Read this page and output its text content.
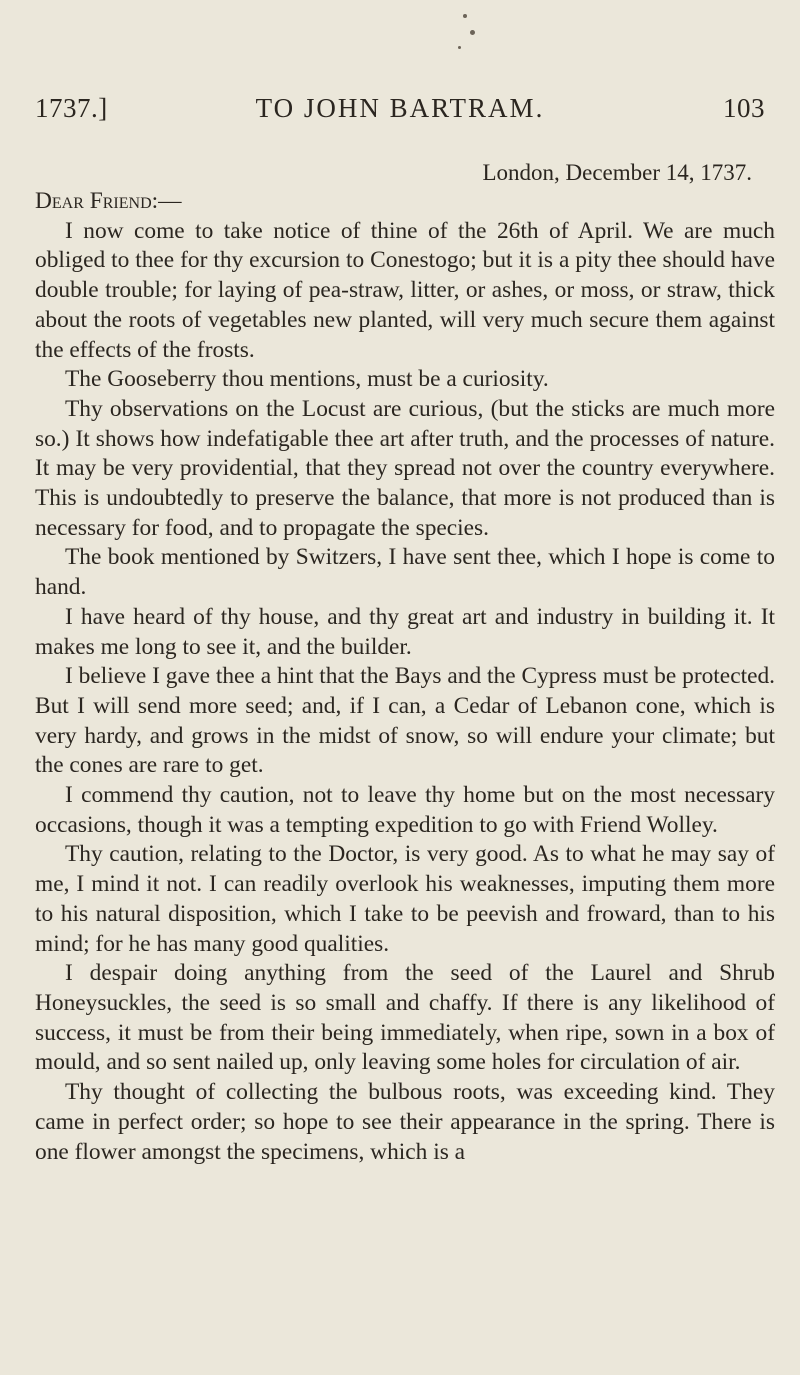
1737.]	TO JOHN BARTRAM.	103
London, December 14, 1737.

Dear Friend:—

I now come to take notice of thine of the 26th of April. We are much obliged to thee for thy excursion to Conestogo; but it is a pity thee should have double trouble; for laying of pea-straw, litter, or ashes, or moss, or straw, thick about the roots of vegetables new planted, will very much secure them against the effects of the frosts.

The Gooseberry thou mentions, must be a curiosity.

Thy observations on the Locust are curious, (but the sticks are much more so.) It shows how indefatigable thee art after truth, and the processes of nature. It may be very providential, that they spread not over the country everywhere. This is undoubtedly to preserve the balance, that more is not produced than is necessary for food, and to propagate the species.

The book mentioned by Switzers, I have sent thee, which I hope is come to hand.

I have heard of thy house, and thy great art and industry in building it. It makes me long to see it, and the builder.

I believe I gave thee a hint that the Bays and the Cypress must be protected. But I will send more seed; and, if I can, a Cedar of Lebanon cone, which is very hardy, and grows in the midst of snow, so will endure your climate; but the cones are rare to get.

I commend thy caution, not to leave thy home but on the most necessary occasions, though it was a tempting expedition to go with Friend Wolley.

Thy caution, relating to the Doctor, is very good. As to what he may say of me, I mind it not. I can readily overlook his weaknesses, imputing them more to his natural disposition, which I take to be peevish and froward, than to his mind; for he has many good qualities.

I despair doing anything from the seed of the Laurel and Shrub Honeysuckles, the seed is so small and chaffy. If there is any likelihood of success, it must be from their being immediately, when ripe, sown in a box of mould, and so sent nailed up, only leaving some holes for circulation of air.

Thy thought of collecting the bulbous roots, was exceeding kind. They came in perfect order; so hope to see their appearance in the spring. There is one flower amongst the specimens, which is a
